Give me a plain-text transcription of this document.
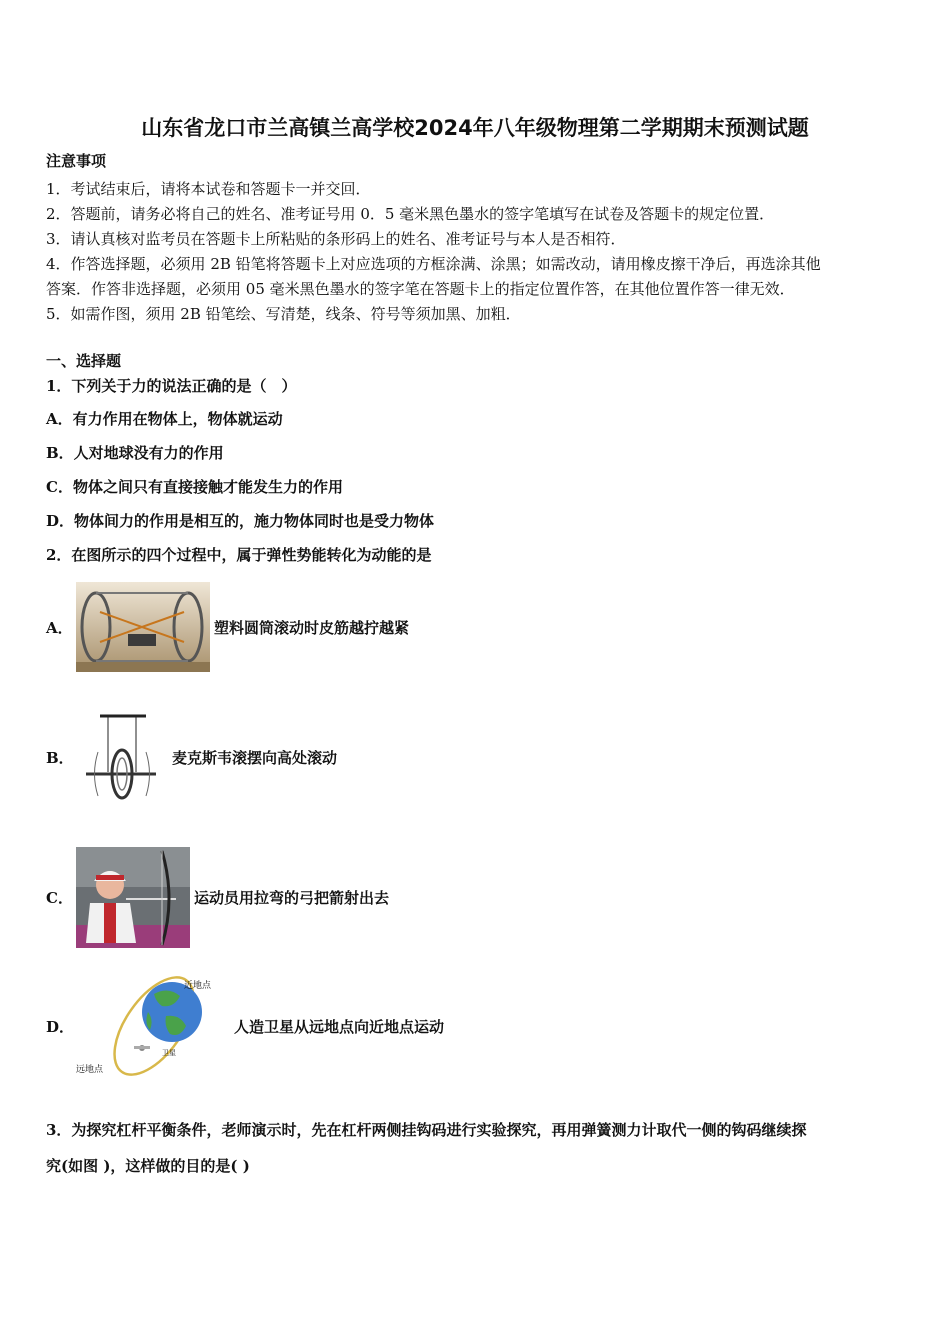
山东省龙口市兰高镇兰高学校2024年八年级物理第二学期期末预测试题
注意事项
1．考试结束后，请将本试卷和答题卡一并交回．
2．答题前，请务必将自己的姓名、准考证号用 0．5 毫米黑色墨水的签字笔填写在试卷及答题卡的规定位置．
3．请认真核对监考员在答题卡上所粘贴的条形码上的姓名、准考证号与本人是否相符．
4．作答选择题，必须用 2B 铅笔将答题卡上对应选项的方框涂满、涂黑；如需改动，请用橡皮擦干净后，再选涂其他
答案．作答非选择题，必须用 05 毫米黑色墨水的签字笔在答题卡上的指定位置作答，在其他位置作答一律无效．
5．如需作图，须用 2B 铅笔绘、写清楚，线条、符号等须加黑、加粗．
一、选择题
1．下列关于力的说法正确的是（　）
A．有力作用在物体上，物体就运动
B．人对地球没有力的作用
C．物体之间只有直接接触才能发生力的作用
D．物体间力的作用是相互的，施力物体同时也是受力物体
2．在图所示的四个过程中，属于弹性势能转化为动能的是
A．	塑料圆筒滚动时皮筋越拧越紧
B．	麦克斯韦滚摆向高处滚动
C．	运动员用拉弯的弓把箭射出去
D．
近地点
远地点
卫星
人造卫星从远地点向近地点运动
3．为探究杠杆平衡条件，老师演示时，先在杠杆两侧挂钩码进行实验探究，再用弹簧测力计取代一侧的钩码继续探
究(如图 )，这样做的目的是( )
